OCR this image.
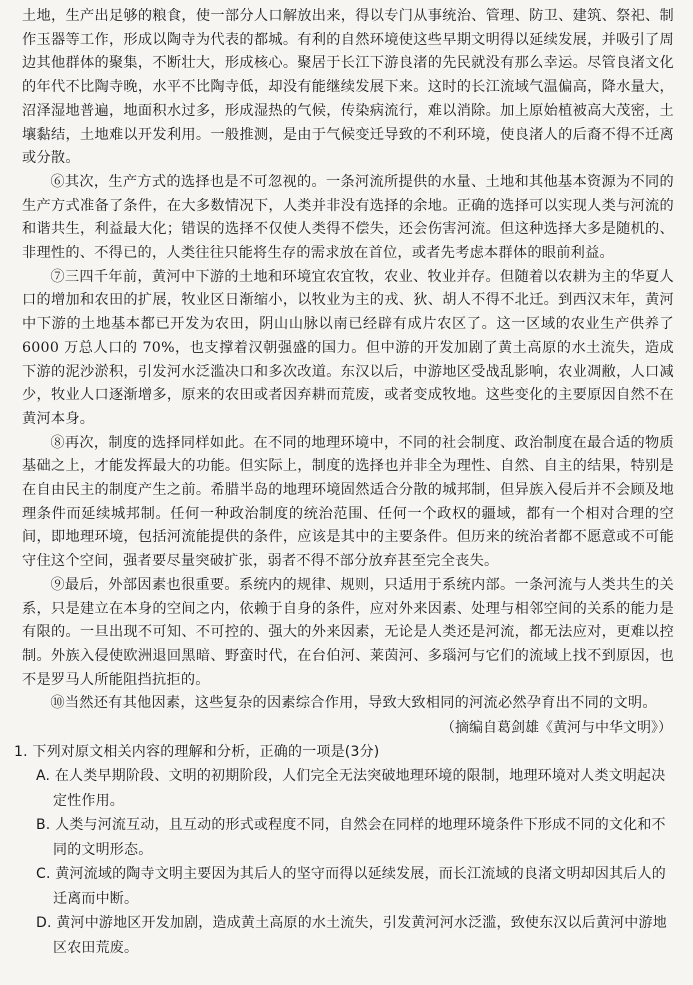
土地，生产出足够的粮食，使一部分人口解放出来，得以专门从事统治、管理、防卫、建筑、祭祀、制作玉器等工作，形成以陶寺为代表的都城。有利的自然环境使这些早期文明得以延续发展，并吸引了周边其他群体的聚集，不断壮大，形成核心。聚居于长江下游良渚的先民就没有那么幸运。尽管良渚文化的年代不比陶寺晚，水平不比陶寺低，却没有能继续发展下来。这时的长江流域气温偏高，降水量大，沼泽湿地普遍，地面积水过多，形成湿热的气候，传染病流行，难以消除。加上原始植被高大茂密，土壤黏结，土地难以开发利用。一般推测，是由于气候变迁导致的不利环境，使良渚人的后裔不得不迁离或分散。

⑥其次，生产方式的选择也是不可忽视的。一条河流所提供的水量、土地和其他基本资源为不同的生产方式准备了条件，在大多数情况下，人类并非没有选择的余地。正确的选择可以实现人类与河流的和谐共生，利益最大化；错误的选择不仅使人类得不偿失，还会伤害河流。但这种选择大多是随机的、非理性的、不得已的，人类往往只能将生存的需求放在首位，或者先考虑本群体的眼前利益。

⑦三四千年前，黄河中下游的土地和环境宜农宜牧，农业、牧业并存。但随着以农耕为主的华夏人口的增加和农田的扩展，牧业区日渐缩小，以牧业为主的戎、狄、胡人不得不北迁。到西汉末年，黄河中下游的土地基本都已开发为农田，阴山山脉以南已经辟有成片农区了。这一区域的农业生产供养了 6000 万总人口的 70%，也支撑着汉朝强盛的国力。但中游的开发加剧了黄土高原的水土流失，造成下游的泥沙淤积，引发河水泛滥决口和多次改道。东汉以后，中游地区受战乱影响，农业凋敝，人口减少，牧业人口逐渐增多，原来的农田或者因弃耕而荒废，或者变成牧地。这些变化的主要原因自然不在黄河本身。

⑧再次，制度的选择同样如此。在不同的地理环境中，不同的社会制度、政治制度在最合适的物质基础之上，才能发挥最大的功能。但实际上，制度的选择也并非全为理性、自然、自主的结果，特别是在自由民主的制度产生之前。希腊半岛的地理环境固然适合分散的城邦制，但异族入侵后并不会顾及地理条件而延续城邦制。任何一种政治制度的统治范围、任何一个政权的疆域，都有一个相对合理的空间，即地理环境，包括河流能提供的条件，应该是其中的主要条件。但历来的统治者都不愿意或不可能守住这个空间，强者要尽量突破扩张，弱者不得不部分放弃甚至完全丧失。

⑨最后，外部因素也很重要。系统内的规律、规则，只适用于系统内部。一条河流与人类共生的关系，只是建立在本身的空间之内，依赖于自身的条件，应对外来因素、处理与相邻空间的关系的能力是有限的。一旦出现不可知、不可控的、强大的外来因素，无论是人类还是河流，都无法应对，更难以控制。外族入侵使欧洲退回黑暗、野蛮时代，在台伯河、莱茵河、多瑙河与它们的流域上找不到原因，也不是罗马人所能阻挡抗拒的。

⑩当然还有其他因素，这些复杂的因素综合作用，导致大致相同的河流必然孕育出不同的文明。

（摘编自葛剑雄《黄河与中华文明》）

1. 下列对原文相关内容的理解和分析，正确的一项是(3分)

A. 在人类早期阶段、文明的初期阶段，人们完全无法突破地理环境的限制，地理环境对人类文明起决定性作用。

B. 人类与河流互动，且互动的形式或程度不同，自然会在同样的地理环境条件下形成不同的文化和不同的文明形态。

C. 黄河流域的陶寺文明主要因为其后人的坚守而得以延续发展，而长江流域的良渚文明却因其后人的迁离而中断。

D. 黄河中游地区开发加剧，造成黄土高原的水土流失，引发黄河河水泛滥，致使东汉以后黄河中游地区农田荒废。
